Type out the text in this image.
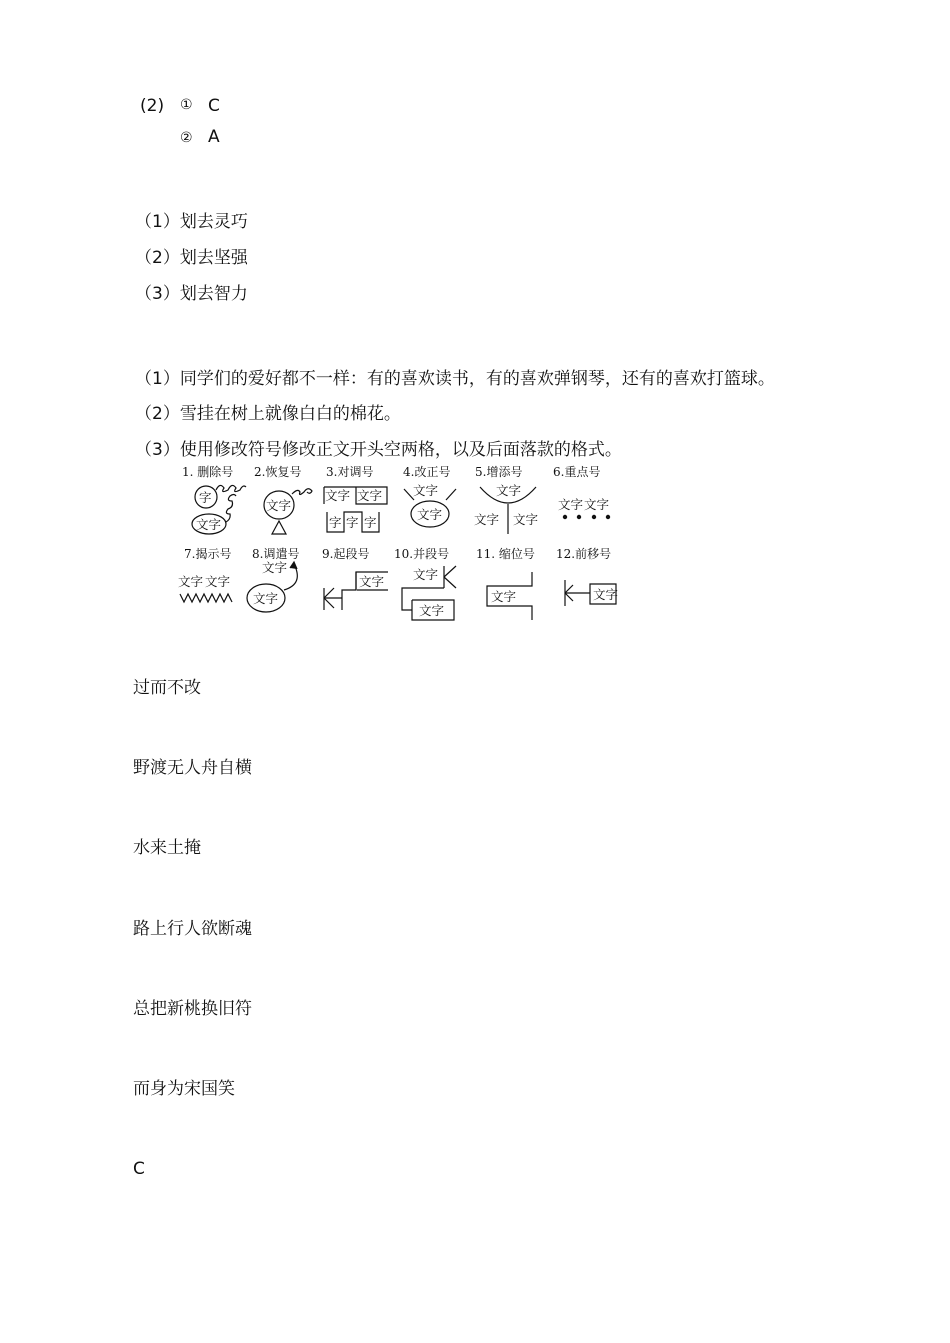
(2) ① C
② A
（1）划去灵巧
（2）划去坚强
（3）划去智力
（1）同学们的爱好都不一样：有的喜欢读书，有的喜欢弹钢琴，还有的喜欢打篮球。
（2）雪挂在树上就像白白的棉花。
（3）使用修改符号修改正文开头空两格，以及后面落款的格式。
1. 删除号 2.恢复号 3.对调号 4.改正号 5.增添号	6.重点号
字
文字
文字
文字 文字
字 字 字
文字
文字
文字
文字 文字
文字 文字
7.揭示号 8.调遣号 9.起段号 10.并段号 11. 缩位号 12.前移号
文字 文字
文字
文字
文字 文字
文字
文字	文字
过而不改
野渡无人舟自横
水来土掩
路上行人欲断魂
总把新桃换旧符
而身为宋国笑
C
